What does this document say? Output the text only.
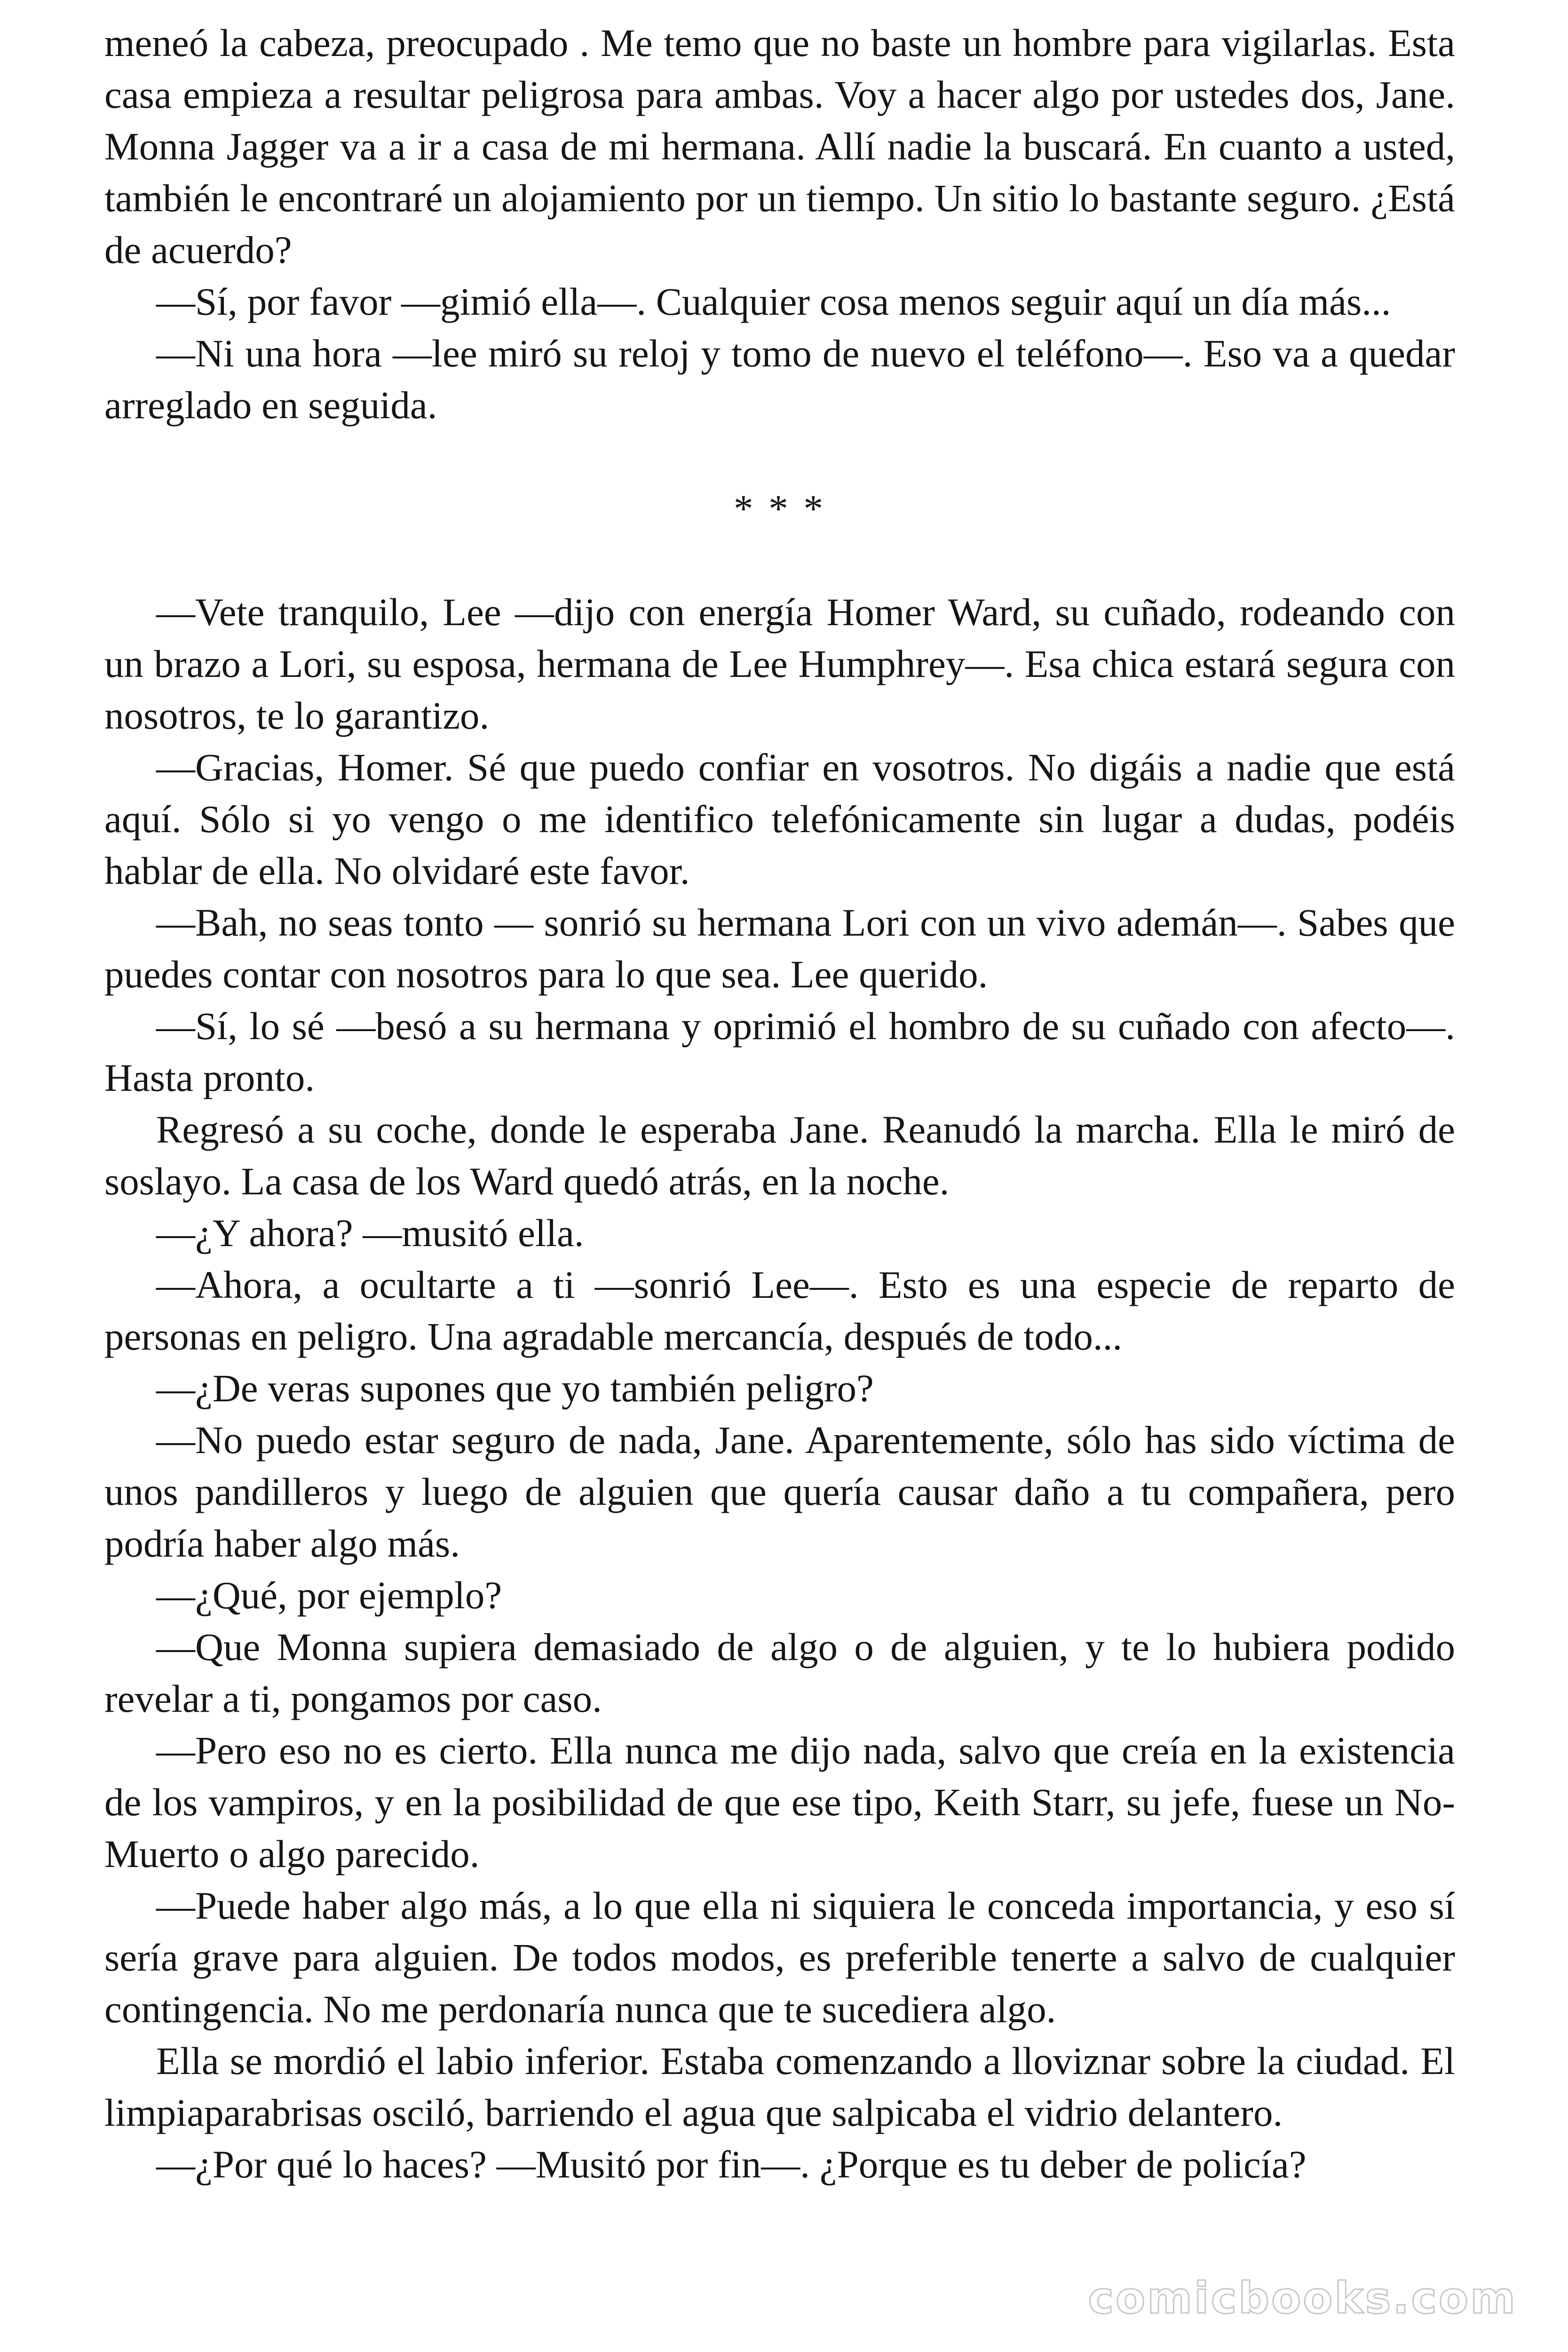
meneó la cabeza, preocupado . Me temo que no baste un hombre para vigilarlas. Esta casa empieza a resultar peligrosa para ambas. Voy a hacer algo por ustedes dos, Jane. Monna Jagger va a ir a casa de mi hermana. Allí nadie la buscará. En cuanto a usted, también le encontraré un alojamiento por un tiempo. Un sitio lo bastante seguro. ¿Está de acuerdo?

—Sí, por favor —gimió ella—. Cualquier cosa menos seguir aquí un día más...

—Ni una hora —lee miró su reloj y tomo de nuevo el teléfono—. Eso va a quedar arreglado en seguida.

* * *

—Vete tranquilo, Lee —dijo con energía Homer Ward, su cuñado, rodeando con un brazo a Lori, su esposa, hermana de Lee Humphrey—. Esa chica estará segura con nosotros, te lo garantizo.

—Gracias, Homer. Sé que puedo confiar en vosotros. No digáis a nadie que está aquí. Sólo si yo vengo o me identifico telefónicamente sin lugar a dudas, podéis hablar de ella. No olvidaré este favor.

—Bah, no seas tonto — sonrió su hermana Lori con un vivo ademán—. Sabes que puedes contar con nosotros para lo que sea. Lee querido.

—Sí, lo sé —besó a su hermana y oprimió el hombro de su cuñado con afecto—. Hasta pronto.

Regresó a su coche, donde le esperaba Jane. Reanudó la marcha. Ella le miró de soslayo. La casa de los Ward quedó atrás, en la noche.

—¿Y ahora? —musitó ella.

—Ahora, a ocultarte a ti —sonrió Lee—. Esto es una especie de reparto de personas en peligro. Una agradable mercancía, después de todo...

—¿De veras supones que yo también peligro?

—No puedo estar seguro de nada, Jane. Aparentemente, sólo has sido víctima de unos pandilleros y luego de alguien que quería causar daño a tu compañera, pero podría haber algo más.

—¿Qué, por ejemplo?

—Que Monna supiera demasiado de algo o de alguien, y te lo hubiera podido revelar a ti, pongamos por caso.

—Pero eso no es cierto. Ella nunca me dijo nada, salvo que creía en la existencia de los vampiros, y en la posibilidad de que ese tipo, Keith Starr, su jefe, fuese un No-Muerto o algo parecido.

—Puede haber algo más, a lo que ella ni siquiera le conceda importancia, y eso sí sería grave para alguien. De todos modos, es preferible tenerte a salvo de cualquier contingencia. No me perdonaría nunca que te sucediera algo.

Ella se mordió el labio inferior. Estaba comenzando a lloviznar sobre la ciudad. El limpiaparabrisas osciló, barriendo el agua que salpicaba el vidrio delantero.

—¿Por qué lo haces? —Musitó por fin—. ¿Porque es tu deber de policía?

comicbooks.com
